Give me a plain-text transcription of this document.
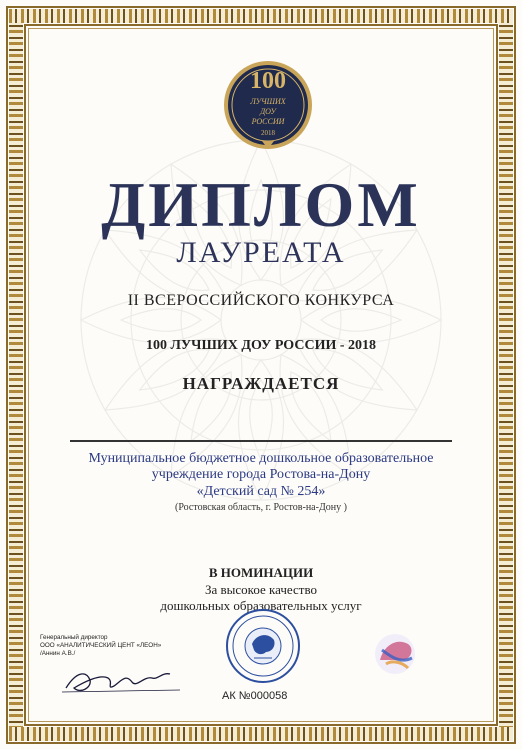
100
ЛУЧШИХ
ДОУ
РОССИИ
2018
ДИПЛОМ
ЛАУРЕАТА
II ВСЕРОССИЙСКОГО КОНКУРСА
100 ЛУЧШИХ ДОУ РОССИИ - 2018
НАГРАЖДАЕТСЯ
Муниципальное бюджетное дошкольное образовательное
учреждение города Ростова-на-Дону
«Детский сад № 254»
(Ростовская область, г. Ростов-на-Дону )
В НОМИНАЦИИ
За высокое качество
дошкольных образовательных услуг
Генеральный директор
ООО «АНАЛИТИЧЕСКИЙ ЦЕНТ «ЛЕОН»
/Аннин А.В./
АК №000058
